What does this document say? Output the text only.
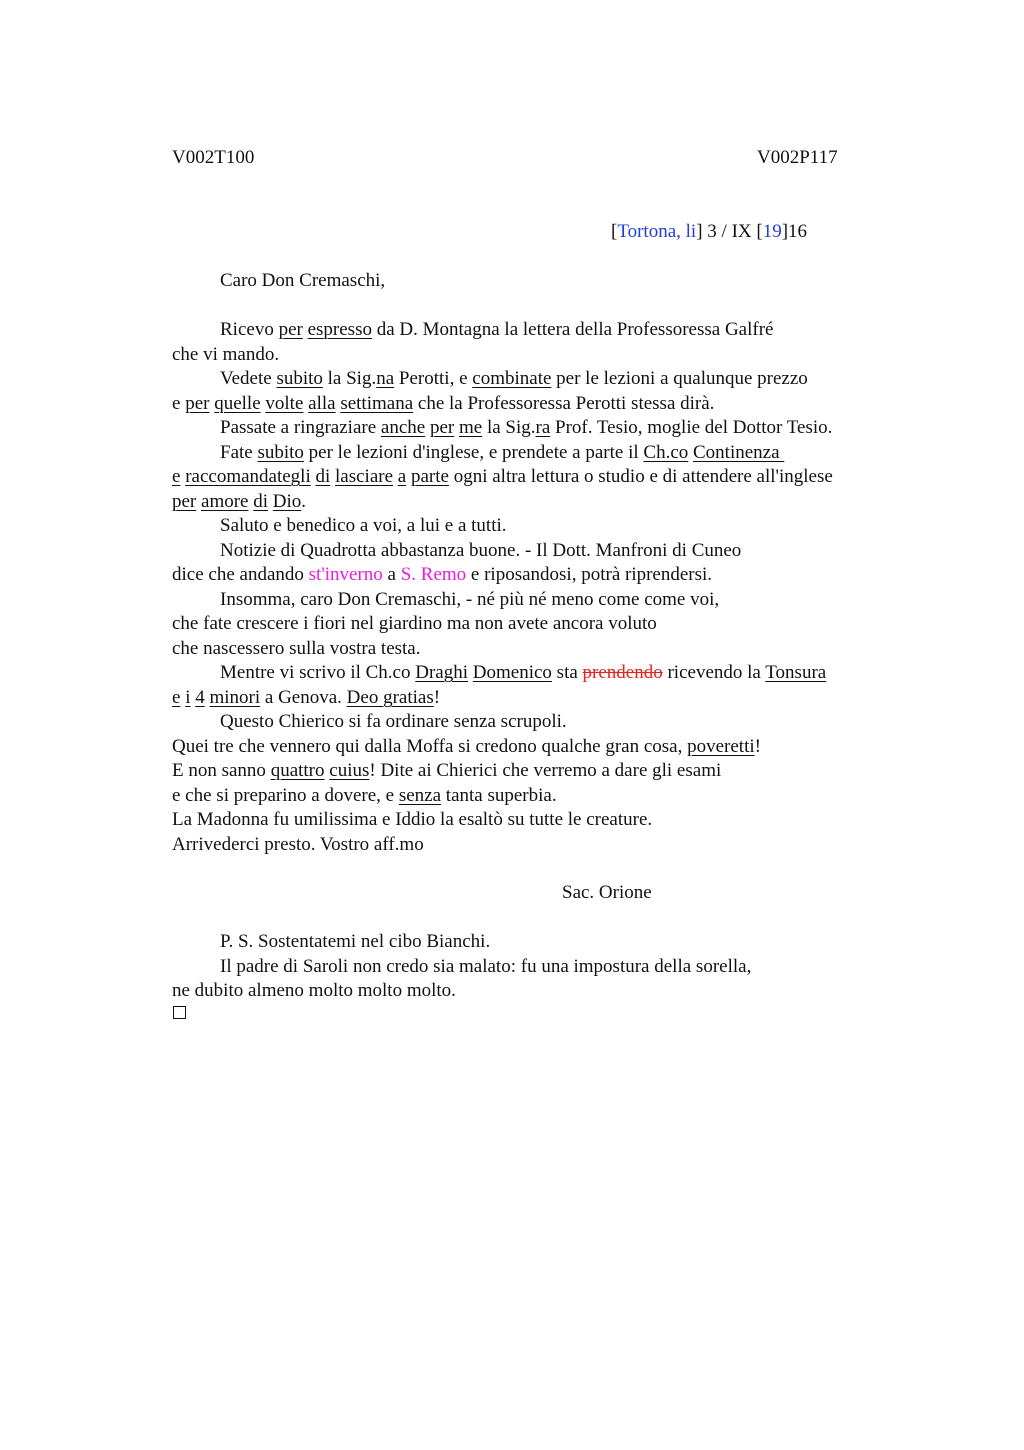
V002T100	V002P117
[Tortona, li] 3 / IX [19]16
Caro Don Cremaschi,
Ricevo per espresso da D. Montagna la lettera della Professoressa Galfré
che vi mando.
Vedete subito la Sig.na Perotti, e combinate per le lezioni a qualunque prezzo
e per quelle volte alla settimana che la Professoressa Perotti stessa dirà.
Passate a ringraziare anche per me la Sig.ra Prof. Tesio, moglie del Dottor Tesio.
Fate subito per le lezioni d'inglese, e prendete a parte il Ch.co Continenza
e raccomandategli di lasciare a parte ogni altra lettura o studio e di attendere all'inglese
per amore di Dio.
Saluto e benedico a voi, a lui e a tutti.
Notizie di Quadrotta abbastanza buone. - Il Dott. Manfroni di Cuneo
dice che andando st'inverno a S. Remo e riposandosi, potrà riprendersi.
Insomma, caro Don Cremaschi, - né più né meno come come voi,
che fate crescere i fiori nel giardino ma non avete ancora voluto
che nascessero sulla vostra testa.
Mentre vi scrivo il Ch.co Draghi Domenico sta prendendo ricevendo la Tonsura
e i 4 minori a Genova. Deo gratias!
Questo Chierico si fa ordinare senza scrupoli.
Quei tre che vennero qui dalla Moffa si credono qualche gran cosa, poveretti!
E non sanno quattro cuius! Dite ai Chierici che verremo a dare gli esami
e che si preparino a dovere, e senza tanta superbia.
La Madonna fu umilissima e Iddio la esaltò su tutte le creature.
Arrivederci presto. Vostro aff.mo
Sac. Orione
P. S. Sostentatemi nel cibo Bianchi.
Il padre di Saroli non credo sia malato: fu una impostura della sorella,
ne dubito almeno molto molto molto.
